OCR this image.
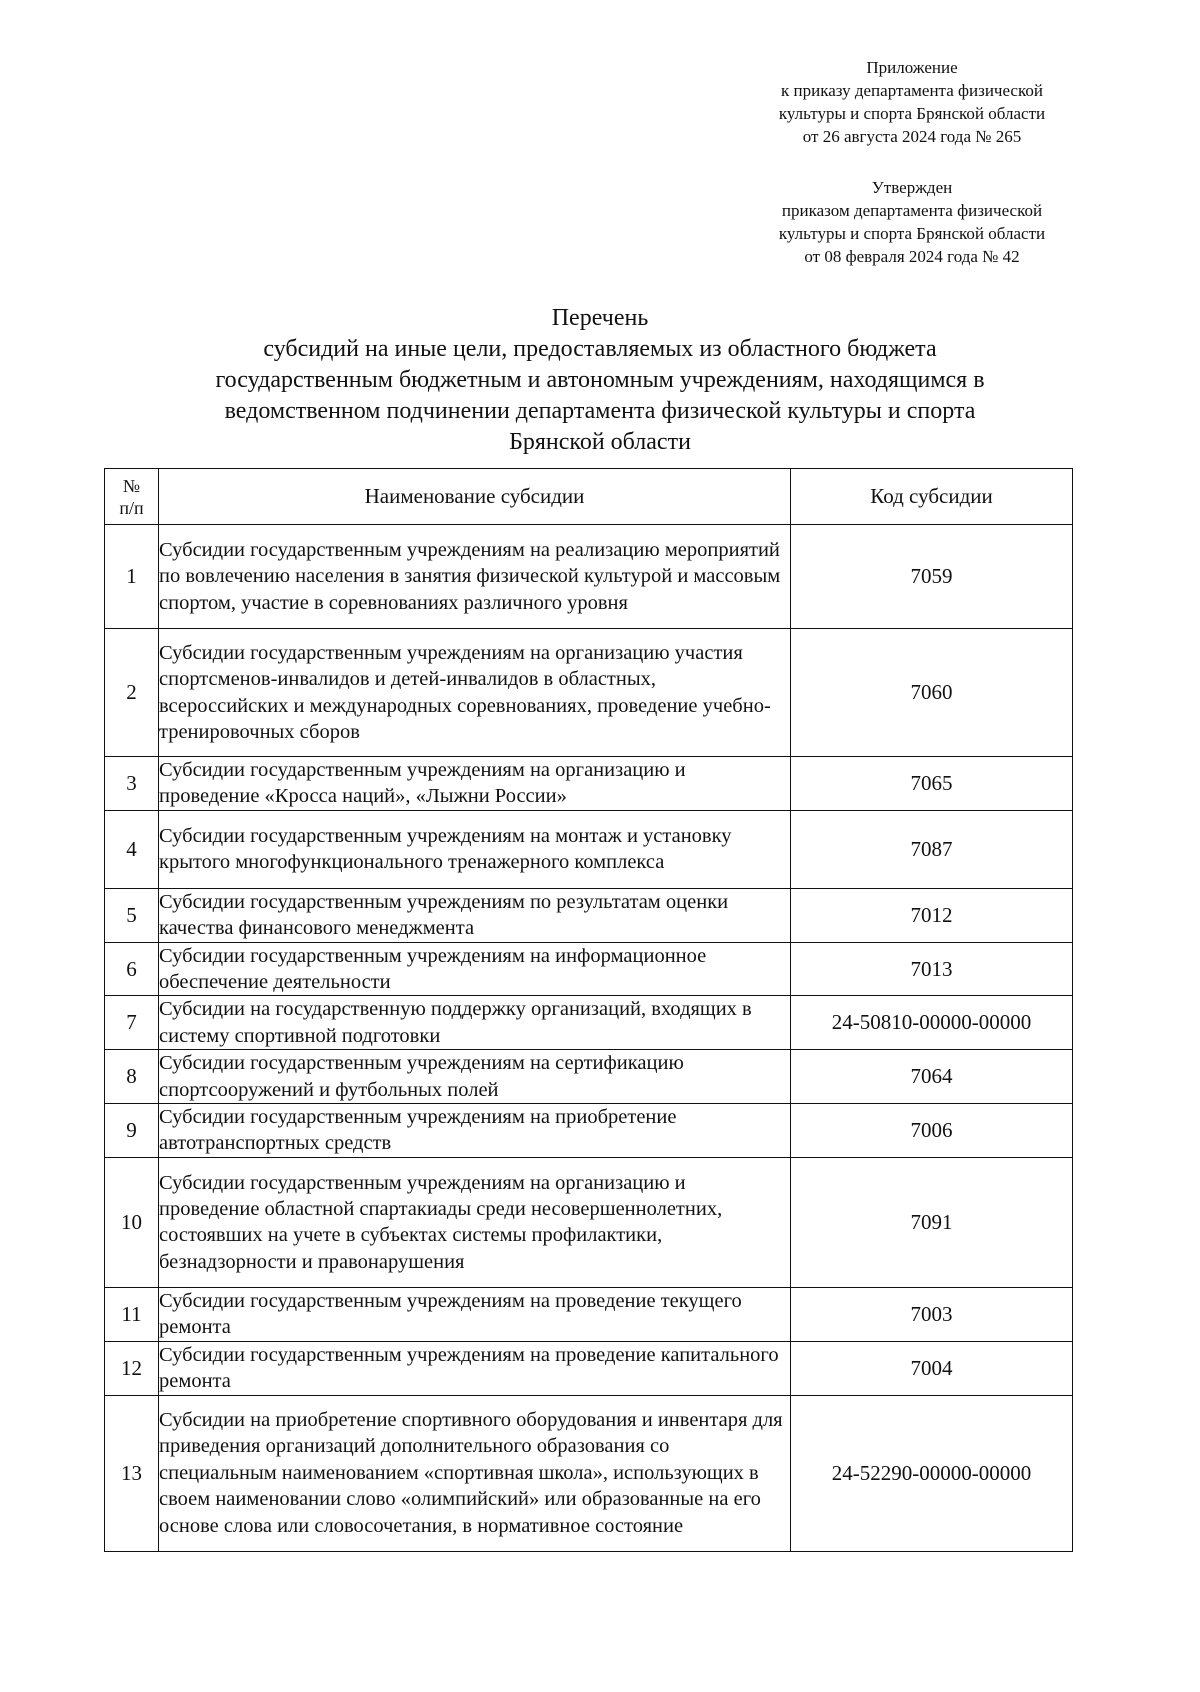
Приложение
к приказу департамента физической
культуры и спорта Брянской области
от 26 августа 2024 года № 265
Утвержден
приказом департамента физической
культуры и спорта Брянской области
от 08 февраля 2024 года № 42
Перечень
субсидий на иные цели, предоставляемых из областного бюджета
государственным бюджетным и автономным учреждениям, находящимся в
ведомственном подчинении департамента физической культуры и спорта
Брянской области
№
п/п	Наименование субсидии	Код субсидии
1	Субсидии государственным учреждениям на реализацию мероприятий по вовлечению населения в занятия физической культурой и массовым спортом, участие в соревнованиях различного уровня	7059
2	Субсидии государственным учреждениям на организацию участия спортсменов-инвалидов и детей-инвалидов в областных, всероссийских и международных соревнованиях, проведение учебно-тренировочных сборов	7060
3	Субсидии государственным учреждениям на организацию и проведение «Кросса наций», «Лыжни России»	7065
4	Субсидии государственным учреждениям на монтаж и установку крытого многофункционального тренажерного комплекса	7087
5	Субсидии государственным учреждениям по результатам оценки качества финансового менеджмента	7012
6	Субсидии государственным учреждениям на информационное обеспечение деятельности	7013
7	Субсидии на государственную поддержку организаций, входящих в систему спортивной подготовки	24-50810-00000-00000
8	Субсидии государственным учреждениям на сертификацию спортсооружений и футбольных полей	7064
9	Субсидии государственным учреждениям на приобретение автотранспортных средств	7006
10	Субсидии государственным учреждениям на организацию и проведение областной спартакиады среди несовершеннолетних, состоявших на учете в субъектах системы профилактики, безнадзорности и правонарушения	7091
11	Субсидии государственным учреждениям на проведение текущего ремонта	7003
12	Субсидии государственным учреждениям на проведение капитального ремонта	7004
13	Субсидии на приобретение спортивного оборудования и инвентаря для приведения организаций дополнительного образования со специальным наименованием «спортивная школа», использующих в своем наименовании слово «олимпийский» или образованные на его основе слова или словосочетания, в нормативное состояние	24-52290-00000-00000
